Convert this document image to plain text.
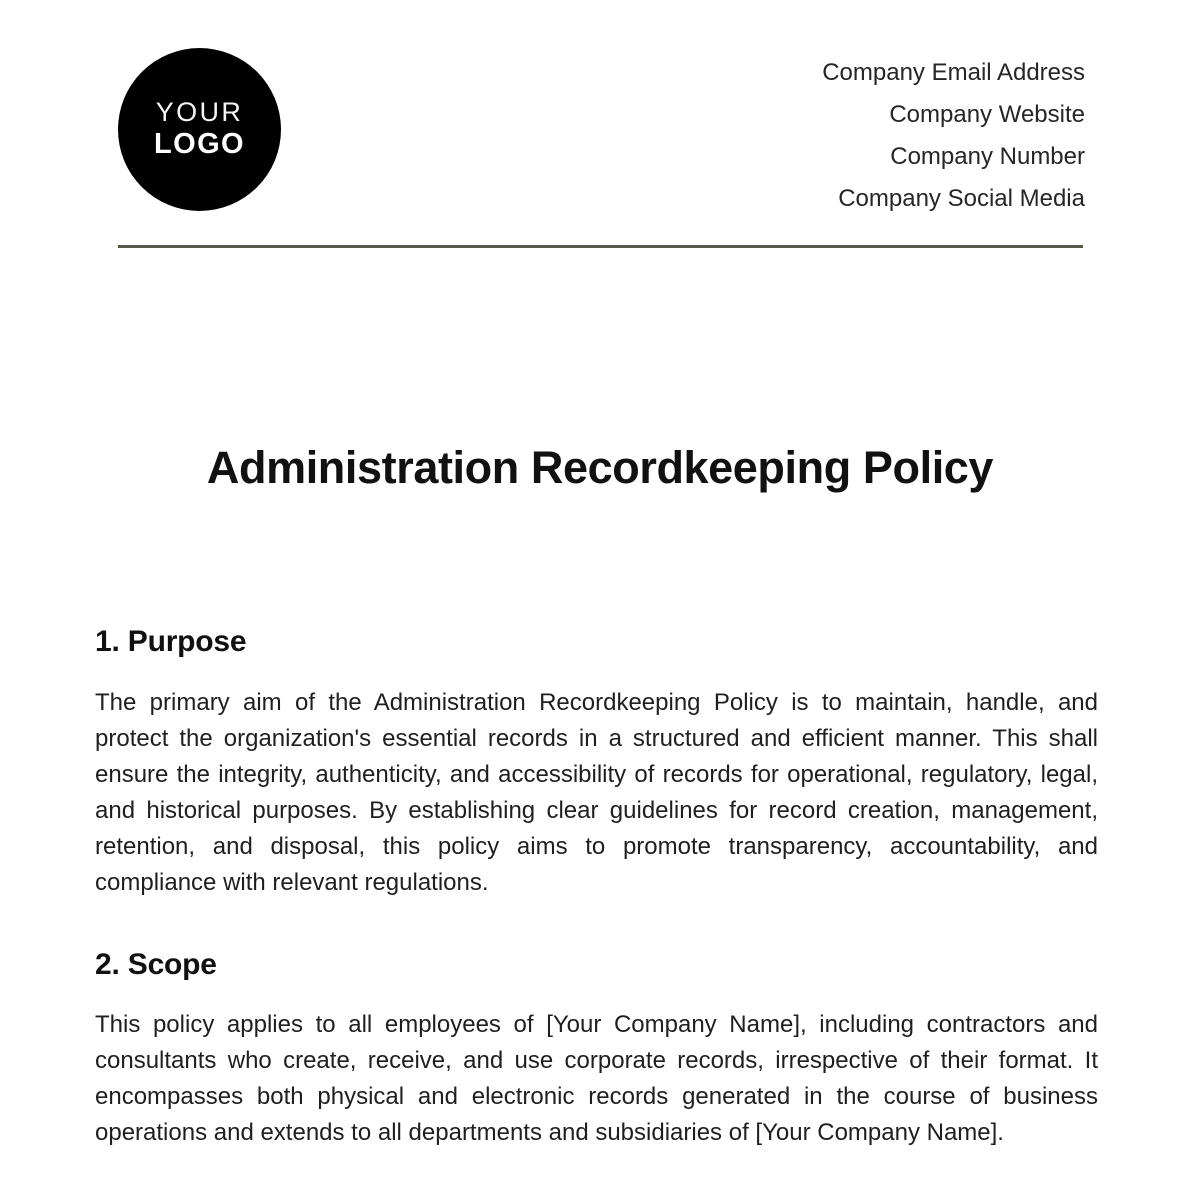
YOUR
LOGO
Company Email Address
Company Website
Company Number
Company Social Media
Administration Recordkeeping Policy
1. Purpose

The primary aim of the Administration Recordkeeping Policy is to maintain, handle, and protect the organization's essential records in a structured and efficient manner. This shall ensure the integrity, authenticity, and accessibility of records for operational, regulatory, legal, and historical purposes. By establishing clear guidelines for record creation, management, retention, and disposal, this policy aims to promote transparency, accountability, and compliance with relevant regulations.

2. Scope

This policy applies to all employees of [Your Company Name], including contractors and consultants who create, receive, and use corporate records, irrespective of their format. It encompasses both physical and electronic records generated in the course of business operations and extends to all departments and subsidiaries of [Your Company Name].
